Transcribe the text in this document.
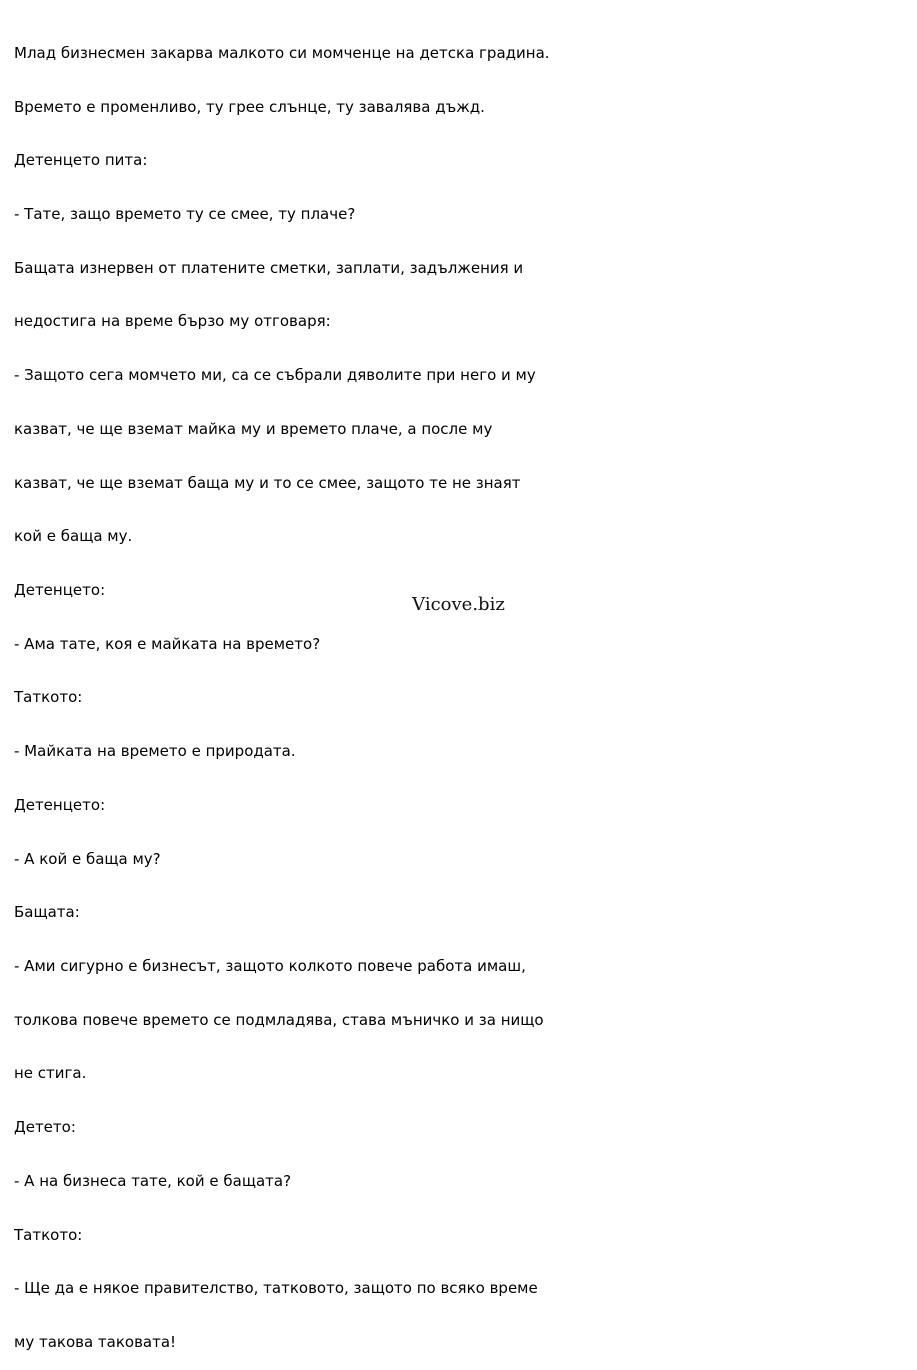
Млад бизнесмен закарва малкото си момченце на детска градина.

Времето е променливо, ту грее слънце, ту завалява дъжд.

Детенцето пита:

- Тате, защо времето ту се смее, ту плаче?

Бащата изнервен от платените сметки, заплати, задължения и

недостига на време бързо му отговаря:

- Защото сега момчето ми, са се събрали дяволите при него и му

казват, че ще вземат майка му и времето плаче, а после му

казват, че ще вземат баща му и то се смее, защото те не знаят

кой е баща му.

Детенцето:

- Ама тате, коя е майката на времето?

Таткото:

- Майката на времето е природата.

Детенцето:

- А кой е баща му?

Бащата:

- Ами сигурно е бизнесът, защото колкото повече работа имаш,

толкова повече времето се подмладява, става мъничко и за нищо

не стига.

Детето:

- А на бизнеса тате, кой е бащата?

Таткото:

- Ще да е някое правителство, татковото, защото по всяко време

му такова таковата!

Vicove.biz
